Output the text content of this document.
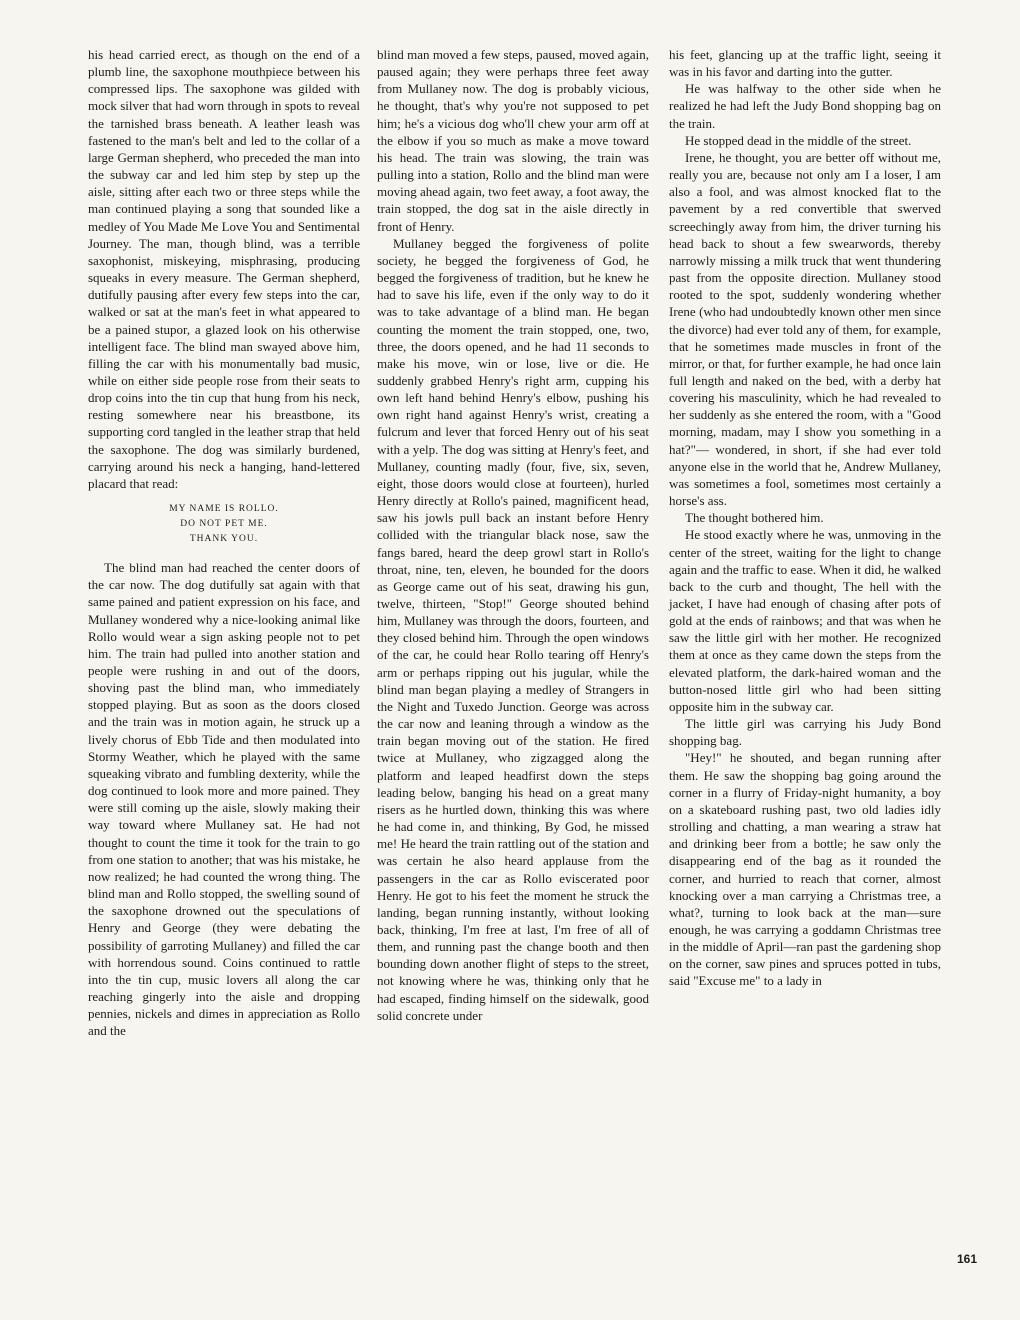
his head carried erect, as though on the end of a plumb line, the saxophone mouthpiece between his compressed lips. The saxophone was gilded with mock silver that had worn through in spots to reveal the tarnished brass beneath. A leather leash was fastened to the man's belt and led to the collar of a large German shepherd, who preceded the man into the subway car and led him step by step up the aisle, sitting after each two or three steps while the man continued playing a song that sounded like a medley of You Made Me Love You and Sentimental Journey. The man, though blind, was a terrible saxophonist, miskeying, misphrasing, producing squeaks in every measure. The German shepherd, dutifully pausing after every few steps into the car, walked or sat at the man's feet in what appeared to be a pained stupor, a glazed look on his otherwise intelligent face. The blind man swayed above him, filling the car with his monumentally bad music, while on either side people rose from their seats to drop coins into the tin cup that hung from his neck, resting somewhere near his breastbone, its supporting cord tangled in the leather strap that held the saxophone. The dog was similarly burdened, carrying around his neck a hanging, hand-lettered placard that read:

MY NAME IS ROLLO.
DO NOT PET ME.
THANK YOU.

The blind man had reached the center doors of the car now. The dog dutifully sat again with that same pained and patient expression on his face, and Mullaney wondered why a nice-looking animal like Rollo would wear a sign asking people not to pet him. The train had pulled into another station and people were rushing in and out of the doors, shoving past the blind man, who immediately stopped playing. But as soon as the doors closed and the train was in motion again, he struck up a lively chorus of Ebb Tide and then modulated into Stormy Weather, which he played with the same squeaking vibrato and fumbling dexterity, while the dog continued to look more and more pained. They were still coming up the aisle, slowly making their way toward where Mullaney sat. He had not thought to count the time it took for the train to go from one station to another; that was his mistake, he now realized; he had counted the wrong thing. The blind man and Rollo stopped, the swelling sound of the saxophone drowned out the speculations of Henry and George (they were debating the possibility of garroting Mullaney) and filled the car with horrendous sound. Coins continued to rattle into the tin cup, music lovers all along the car reaching gingerly into the aisle and dropping pennies, nickels and dimes in appreciation as Rollo and the

blind man moved a few steps, paused, moved again, paused again; they were perhaps three feet away from Mullaney now. The dog is probably vicious, he thought, that's why you're not supposed to pet him; he's a vicious dog who'll chew your arm off at the elbow if you so much as make a move toward his head. The train was slowing, the train was pulling into a station, Rollo and the blind man were moving ahead again, two feet away, a foot away, the train stopped, the dog sat in the aisle directly in front of Henry.

Mullaney begged the forgiveness of polite society, he begged the forgiveness of God, he begged the forgiveness of tradition, but he knew he had to save his life, even if the only way to do it was to take advantage of a blind man. He began counting the moment the train stopped, one, two, three, the doors opened, and he had 11 seconds to make his move, win or lose, live or die. He suddenly grabbed Henry's right arm, cupping his own left hand behind Henry's elbow, pushing his own right hand against Henry's wrist, creating a fulcrum and lever that forced Henry out of his seat with a yelp. The dog was sitting at Henry's feet, and Mullaney, counting madly (four, five, six, seven, eight, those doors would close at fourteen), hurled Henry directly at Rollo's pained, magnificent head, saw his jowls pull back an instant before Henry collided with the triangular black nose, saw the fangs bared, heard the deep growl start in Rollo's throat, nine, ten, eleven, he bounded for the doors as George came out of his seat, drawing his gun, twelve, thirteen, "Stop!" George shouted behind him, Mullaney was through the doors, fourteen, and they closed behind him. Through the open windows of the car, he could hear Rollo tearing off Henry's arm or perhaps ripping out his jugular, while the blind man began playing a medley of Strangers in the Night and Tuxedo Junction. George was across the car now and leaning through a window as the train began moving out of the station. He fired twice at Mullaney, who zigzagged along the platform and leaped headfirst down the steps leading below, banging his head on a great many risers as he hurtled down, thinking this was where he had come in, and thinking, By God, he missed me! He heard the train rattling out of the station and was certain he also heard applause from the passengers in the car as Rollo eviscerated poor Henry. He got to his feet the moment he struck the landing, began running instantly, without looking back, thinking, I'm free at last, I'm free of all of them, and running past the change booth and then bounding down another flight of steps to the street, not knowing where he was, thinking only that he had escaped, finding himself on the sidewalk, good solid concrete under

his feet, glancing up at the traffic light, seeing it was in his favor and darting into the gutter.

He was halfway to the other side when he realized he had left the Judy Bond shopping bag on the train.

He stopped dead in the middle of the street.

Irene, he thought, you are better off without me, really you are, because not only am I a loser, I am also a fool, and was almost knocked flat to the pavement by a red convertible that swerved screechingly away from him, the driver turning his head back to shout a few swearwords, thereby narrowly missing a milk truck that went thundering past from the opposite direction. Mullaney stood rooted to the spot, suddenly wondering whether Irene (who had undoubtedly known other men since the divorce) had ever told any of them, for example, that he sometimes made muscles in front of the mirror, or that, for further example, he had once lain full length and naked on the bed, with a derby hat covering his masculinity, which he had revealed to her suddenly as she entered the room, with a "Good morning, madam, may I show you something in a hat?"— wondered, in short, if she had ever told anyone else in the world that he, Andrew Mullaney, was sometimes a fool, sometimes most certainly a horse's ass.

The thought bothered him.

He stood exactly where he was, unmoving in the center of the street, waiting for the light to change again and the traffic to ease. When it did, he walked back to the curb and thought, The hell with the jacket, I have had enough of chasing after pots of gold at the ends of rainbows; and that was when he saw the little girl with her mother. He recognized them at once as they came down the steps from the elevated platform, the dark-haired woman and the button-nosed little girl who had been sitting opposite him in the subway car.

The little girl was carrying his Judy Bond shopping bag.

"Hey!" he shouted, and began running after them. He saw the shopping bag going around the corner in a flurry of Friday-night humanity, a boy on a skateboard rushing past, two old ladies idly strolling and chatting, a man wearing a straw hat and drinking beer from a bottle; he saw only the disappearing end of the bag as it rounded the corner, and hurried to reach that corner, almost knocking over a man carrying a Christmas tree, a what?, turning to look back at the man—sure enough, he was carrying a goddamn Christmas tree in the middle of April—ran past the gardening shop on the corner, saw pines and spruces potted in tubs, said "Excuse me" to a lady in

161
